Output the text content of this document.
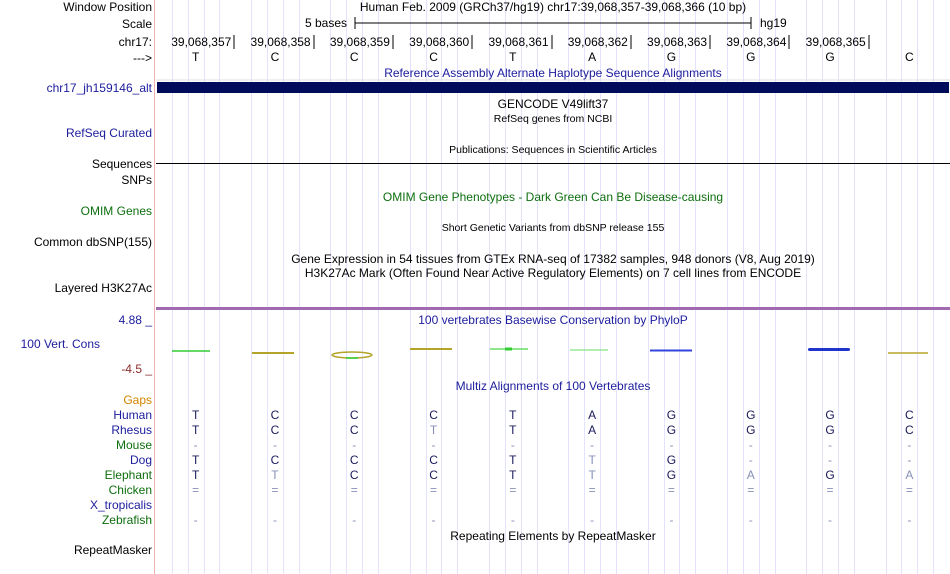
Window Position	Human Feb. 2009 (GRCh37/hg19) chr17:39,068,357-39,068,366 (10 bp)
Scale	5 bases	hg19
chr17:
--->
39,068,357 39,068,358 39,068,359 39,068,360 39,068,361 39,068,362 39,068,363 39,068,364 39,068,365
T	C	C	C	T	A	G	G	G	C
Reference Assembly Alternate Haplotype Sequence Alignments
chr17_jh159146_alt
GENCODE V49lift37
RefSeq genes from NCBI
RefSeq Curated
Publications: Sequences in Scientific Articles
Sequences
SNPs
OMIM Gene Phenotypes - Dark Green Can Be Disease-causing
OMIM Genes
Short Genetic Variants from dbSNP release 155
Common dbSNP(155)
Gene Expression in 54 tissues from GTEx RNA-seq of 17382 samples, 948 donors (V8, Aug 2019)
H3K27Ac Mark (Often Found Near Active Regulatory Elements) on 7 cell lines from ENCODE
Layered H3K27Ac
100 vertebrates Basewise Conservation by PhyloP
4.88 _
100 Vert. Cons
-4.5 _
Multiz Alignments of 100 Vertebrates
Gaps
Human	T	C	C	C	T	A	G	G	G	C
Rhesus	T	C	C	T	T	A	G	G	G	C
Mouse	-	-	-	-	-	-	-	-	-	-
Dog	T	C	C	C	T	T	G	-	-	-
Elephant	T	T	C	C	T	T	G	A	G	A
Chicken	=	=	=	=	=	=	=	=	=	=
X_tropicalis
Zebrafish	-	-	-	-	-	-	-	-	-	-
Repeating Elements by RepeatMasker
RepeatMasker
